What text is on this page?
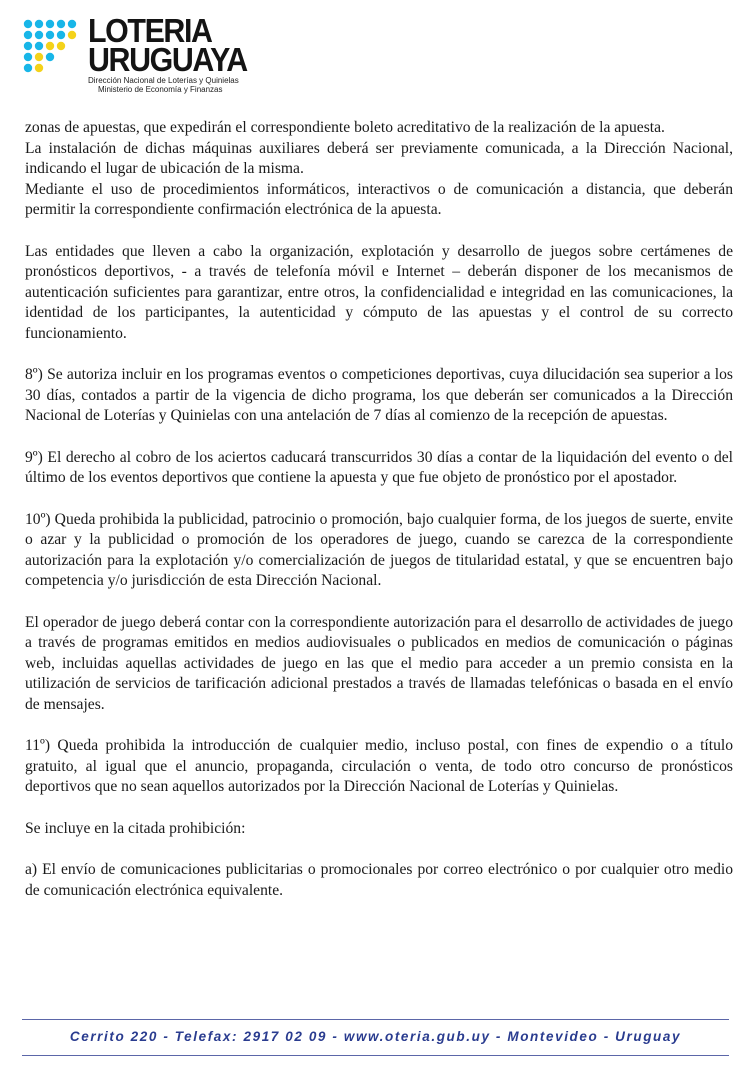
LOTERIA
URUGUAYA
Dirección Nacional de Loterías y Quinielas
Ministerio de Economía y Finanzas

zonas de apuestas, que expedirán el correspondiente boleto acreditativo de la realización de la apuesta.

La instalación de dichas máquinas auxiliares deberá ser previamente comunicada, a la Dirección Nacional, indicando el lugar de ubicación de la misma.

Mediante el uso de procedimientos informáticos, interactivos o de comunicación a distancia, que deberán permitir la correspondiente confirmación electrónica de la apuesta.

Las entidades que lleven a cabo la organización, explotación y desarrollo de juegos sobre certámenes de pronósticos deportivos, - a través de telefonía móvil e Internet – deberán disponer de los mecanismos de autenticación suficientes para garantizar, entre otros, la confidencialidad e integridad en las comunicaciones, la identidad de los participantes, la autenticidad y cómputo de las apuestas y el control de su correcto funcionamiento.

8º) Se autoriza incluir en los programas eventos o competiciones deportivas, cuya dilucidación sea superior a los 30 días, contados a partir de la vigencia de dicho programa, los que deberán ser comunicados a la Dirección Nacional de Loterías y Quinielas con una antelación de 7 días al comienzo de la recepción de apuestas.

9º) El derecho al cobro de los aciertos caducará transcurridos 30 días a contar de la liquidación del evento o del último de los eventos deportivos que contiene la apuesta y que fue objeto de pronóstico por el apostador.

10º) Queda prohibida la publicidad, patrocinio o promoción, bajo cualquier forma, de los juegos de suerte, envite o azar y la publicidad o promoción de los operadores de juego, cuando se carezca de la correspondiente autorización para la explotación y/o comercialización de juegos de titularidad estatal, y que se encuentren bajo competencia y/o jurisdicción de esta Dirección Nacional.

El operador de juego deberá contar con la correspondiente autorización para el desarrollo de actividades de juego a través de programas emitidos en medios audiovisuales o publicados en medios de comunicación o páginas web, incluidas aquellas actividades de juego en las que el medio para acceder a un premio consista en la utilización de servicios de tarificación adicional prestados a través de llamadas telefónicas o basada en el envío de mensajes.

11º) Queda prohibida la introducción de cualquier medio, incluso postal, con fines de expendio o a título gratuito, al igual que el anuncio, propaganda, circulación o venta, de todo otro concurso de pronósticos deportivos que no sean aquellos autorizados por la Dirección Nacional de Loterías y Quinielas.

Se incluye en la citada prohibición:

a) El envío de comunicaciones publicitarias o promocionales por correo electrónico o por cualquier otro medio de comunicación electrónica equivalente.

Cerrito 220 - Telefax: 2917 02 09 - www.oteria.gub.uy - Montevideo - Uruguay
